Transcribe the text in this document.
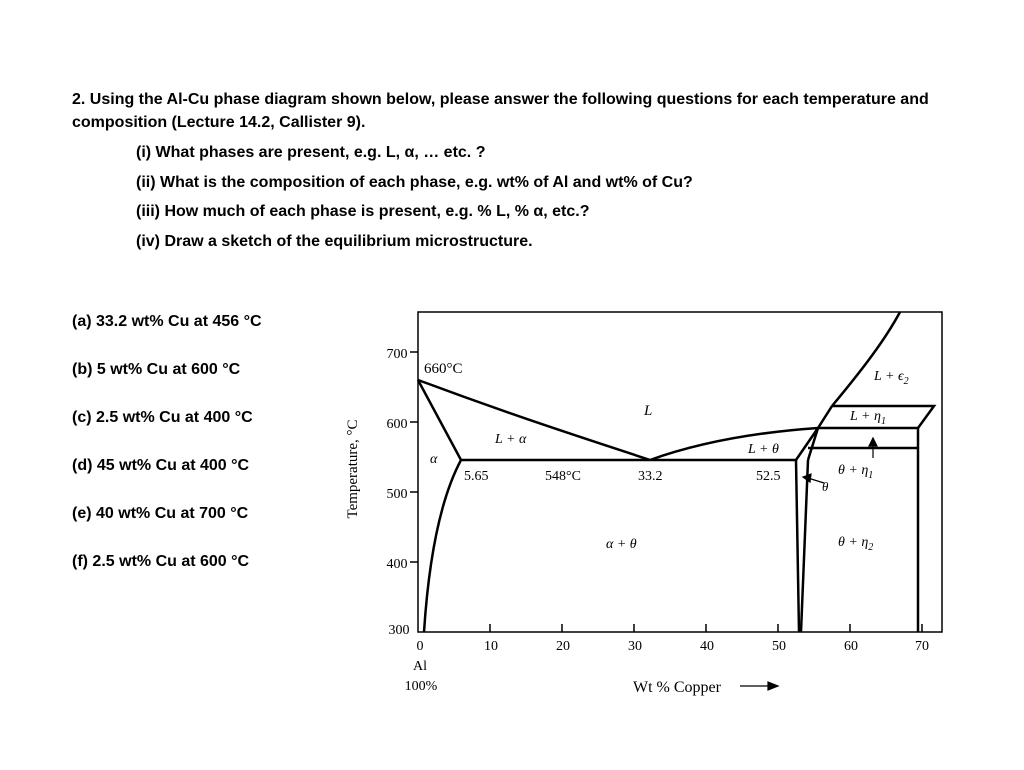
2. Using the Al-Cu phase diagram shown below, please answer the following questions for each temperature and composition (Lecture 14.2, Callister 9).
(i) What phases are present, e.g. L, α, … etc. ?
(ii) What is the composition of each phase, e.g. wt% of Al and wt% of Cu?
(iii) How much of each phase is present, e.g. % L, % α, etc.?
(iv) Draw a sketch of the equilibrium microstructure.
(a) 33.2 wt% Cu at 456 °C
(b) 5 wt% Cu at 600 °C
(c) 2.5 wt% Cu at 400 °C
(d) 45 wt% Cu at 400 °C
(e) 40 wt% Cu at 700 °C
(f) 2.5 wt% Cu at 600 °C
Temperature, °C
Wt % Copper
700
600
500
400
300
0	10	20	30	40	50	60	70
Al
100%
660°C
548°C
5.65	33.2	52.5
L
L + α
α
L + θ
α + θ
θ
$\theta + \eta_1$
$\theta + \eta_2$
$L + \eta_1$
$L + \epsilon_2$
